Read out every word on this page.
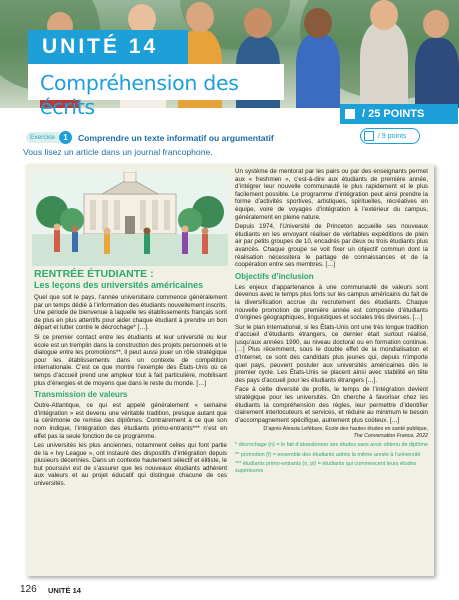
UNITÉ 14
Compréhension des écrits	/ 25 POINTS
Exercice	1	Comprendre un texte informatif ou argumentatif
Vous lisez un article dans un journal francophone.
/ 9 points
RENTRÉE ÉTUDIANTE :
Les leçons des universités américaines

Quel que soit le pays, l’année universitaire commence généralement par un temps dédié à l’information des étudiants nouvellement inscrits. Une période de bienvenue à laquelle les établissements français sont de plus en plus attentifs pour aider chaque étudiant à prendre un bon départ et lutter contre le décrochage* […].

Si ce premier contact entre les étudiants et leur université ou leur école est un tremplin dans la construction des projets personnels et le dialogue entre les promotions**, il peut aussi jouer un rôle stratégique pour les établissements dans un contexte de compétition internationale. C’est ce que montre l’exemple des États-Unis où ce temps d’accueil prend une ampleur tout à fait particulière, mobilisant plus d’énergies et de moyens que dans le reste du monde. […]

Transmission de valeurs

Outre-Atlantique, ce qui est appelé généralement « semaine d’intégration » est devenu une véritable tradition, presque autant que la cérémonie de remise des diplômes. Contrairement à ce que son nom indique, l’intégration des étudiants primo-entrants*** n’est en effet pas la seule fonction de ce programme.

Les universités les plus anciennes, notamment celles qui font partie de la « Ivy League », ont instauré des dispositifs d’intégration depuis plusieurs décennies. Dans un contexte hautement sélectif et élitiste, le but poursuivi est de s’assurer que les nouveaux étudiants adhèrent aux valeurs et au projet éducatif qui distingue chacune de ces universités.

Un système de mentorat par les pairs ou par des enseignants permet aux « freshmen », c’est-à-dire aux étudiants de première année, d’intégrer leur nouvelle communauté le plus rapidement et le plus facilement possible. Le programme d’intégration peut ainsi prendre la forme d’activités sportives, artistiques, spirituelles, récréatives en équipe, voire de voyages d’intégration à l’extérieur du campus, généralement en pleine nature.

Depuis 1974, l’Université de Princeton accueille ses nouveaux étudiants en les envoyant réaliser de véritables expéditions de plein air par petits groupes de 10, encadrés par deux ou trois étudiants plus avancés. Chaque groupe se voit fixer un objectif commun dont la réalisation nécessitera le partage de connaissances et de la coopération entre ses membres. […]

Objectifs d’inclusion

Les enjeux d’appartenance à une communauté de valeurs sont devenus avec le temps plus forts sur les campus américains du fait de la diversification accrue du recrutement des étudiants. Chaque nouvelle promotion de première année est composée d’étudiants d’origines géographiques, linguistiques et sociales très diverses. […]

Sur le plan international, si les États-Unis ont une très longue tradition d’accueil d’étudiants étrangers, ce dernier était surtout réalisé, jusqu’aux années 1990, au niveau doctoral ou en formation continue. […] Plus récemment, sous le double effet de la mondialisation et d’Internet, ce sont des candidats plus jeunes qui, depuis n’importe quel pays, peuvent postuler aux universités américaines dès le premier cycle. Les États-Unis se placent ainsi avec stabilité en tête des pays d’accueil pour les étudiants étrangers […].

Face à cette diversité de profils, le temps de l’intégration devient stratégique pour les universités. On cherche à favoriser chez les étudiants la compréhension des règles, leur permettre d’identifier clairement interlocuteurs et services, et réduire au minimum le besoin d’accompagnement spécifique, autrement plus coûteux. […]

D’après Alessia Lefébure, École des hautes études en santé publique,
The Conversation France, 2022
* décrochage (n) = le fait d’abandonner ses études sans avoir obtenu de diplôme
** promotion (f) = ensemble des étudiants admis la même année à l’université
*** étudiants primo-entrants (n, pl) = étudiants qui commencent leurs études supérieures
126 UNITÉ 14
